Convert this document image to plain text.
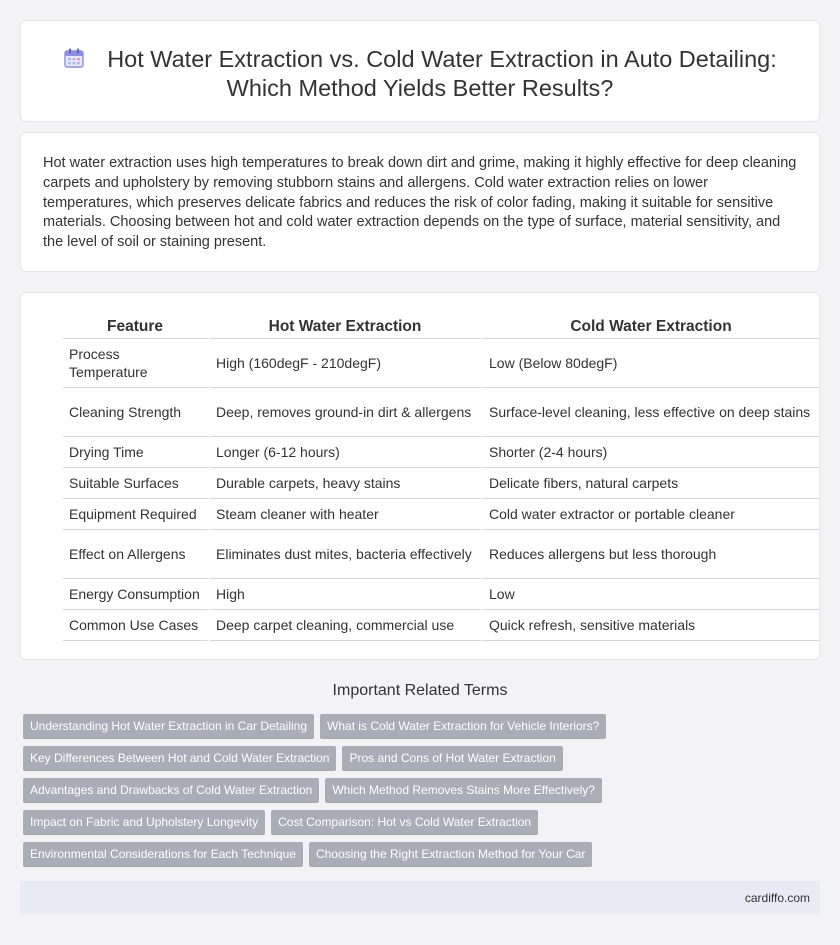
Hot Water Extraction vs. Cold Water Extraction in Auto Detailing:
Which Method Yields Better Results?

Hot water extraction uses high temperatures to break down dirt and grime, making it highly effective for deep cleaning carpets and upholstery by removing stubborn stains and allergens. Cold water extraction relies on lower temperatures, which preserves delicate fabrics and reduces the risk of color fading, making it suitable for sensitive materials. Choosing between hot and cold water extraction depends on the type of surface, material sensitivity, and the level of soil or staining present.

Feature	Hot Water Extraction	Cold Water Extraction
Process Temperature	High (160degF - 210degF)	Low (Below 80degF)
Cleaning Strength	Deep, removes ground-in dirt & allergens	Surface-level cleaning, less effective on deep stains
Drying Time	Longer (6-12 hours)	Shorter (2-4 hours)
Suitable Surfaces	Durable carpets, heavy stains	Delicate fibers, natural carpets
Equipment Required	Steam cleaner with heater	Cold water extractor or portable cleaner
Effect on Allergens	Eliminates dust mites, bacteria effectively	Reduces allergens but less thorough
Energy Consumption	High	Low
Common Use Cases	Deep carpet cleaning, commercial use	Quick refresh, sensitive materials
Important Related Terms
Understanding Hot Water Extraction in Car Detailing What is Cold Water Extraction for Vehicle Interiors?
Key Differences Between Hot and Cold Water Extraction Pros and Cons of Hot Water Extraction
Advantages and Drawbacks of Cold Water Extraction Which Method Removes Stains More Effectively?
Impact on Fabric and Upholstery Longevity Cost Comparison: Hot vs Cold Water Extraction
Environmental Considerations for Each Technique Choosing the Right Extraction Method for Your Car
cardiffo.com
